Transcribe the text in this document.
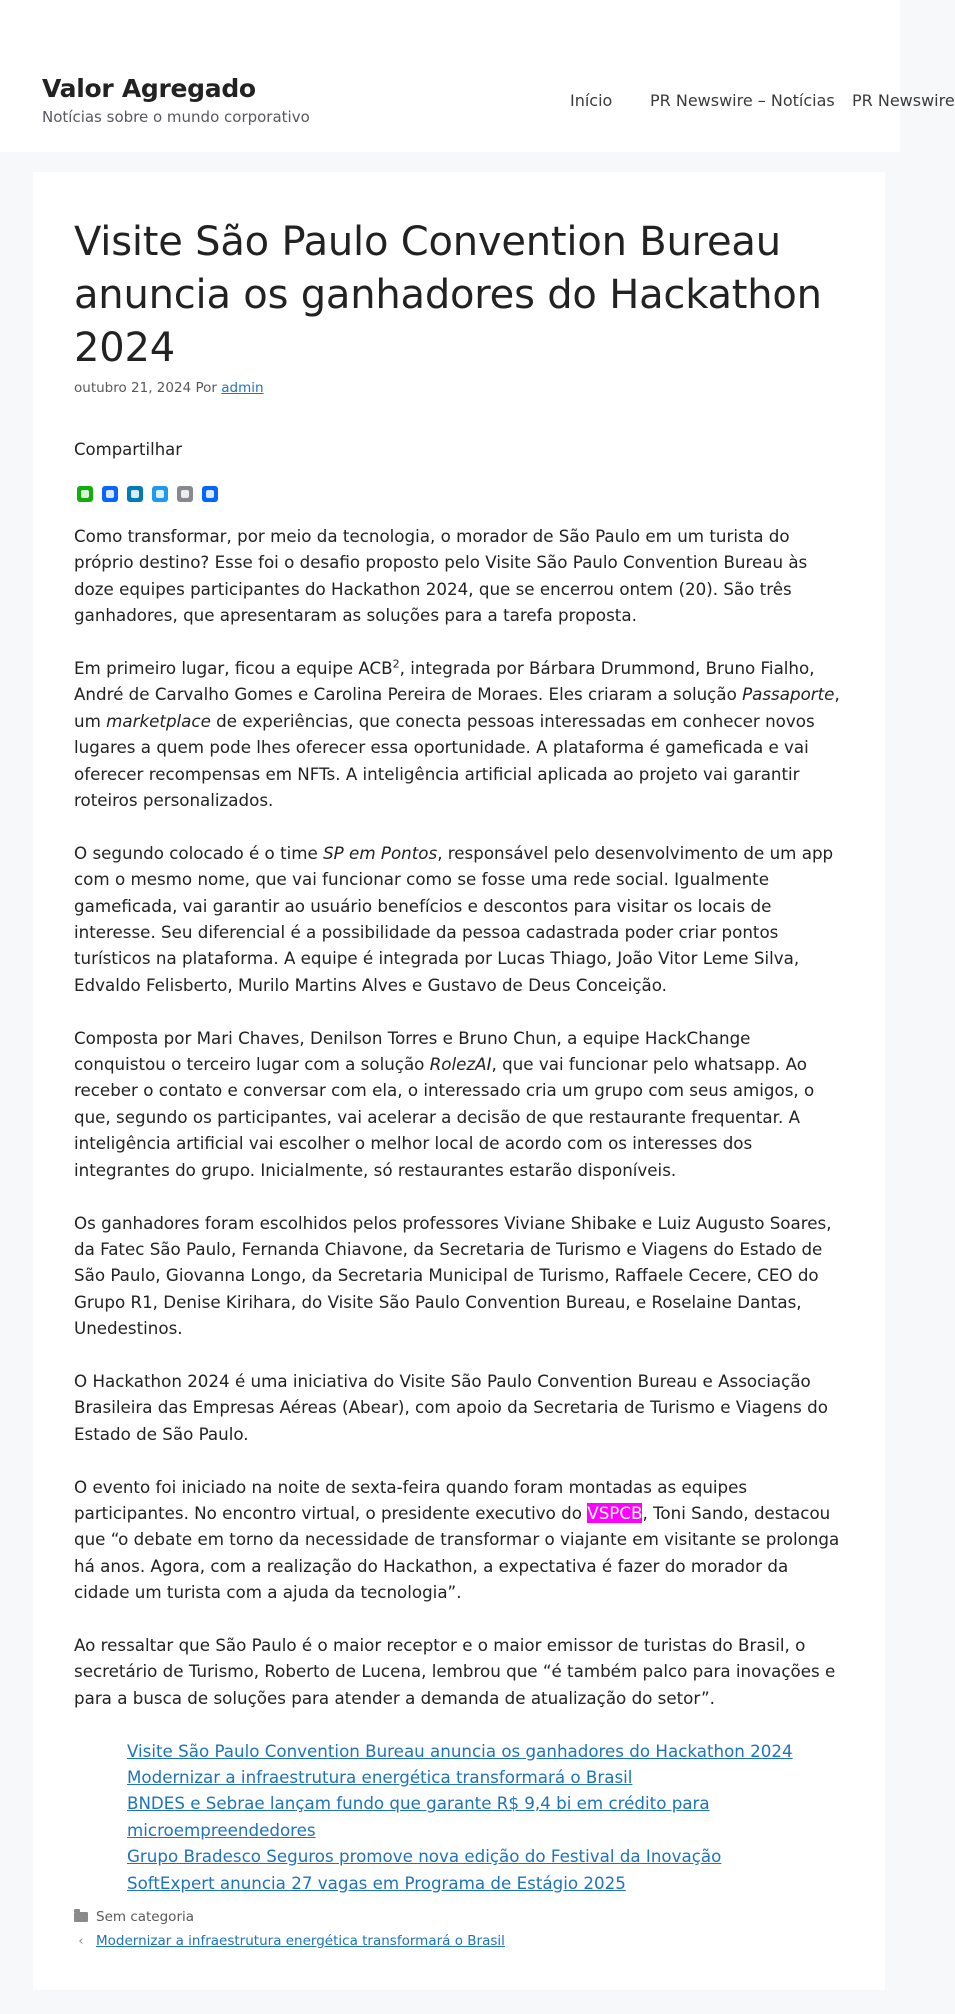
Valor Agregado
Notícias sobre o mundo corporativo
Início PR Newswire – Notícias PR Newswire
Visite São Paulo Convention Bureau anuncia os ganhadores do Hackathon 2024
outubro 21, 2024 Por admin
Compartilhar

Como transformar, por meio da tecnologia, o morador de São Paulo em um turista do próprio destino? Esse foi o desafio proposto pelo Visite São Paulo Convention Bureau às doze equipes participantes do Hackathon 2024, que se encerrou ontem (20). São três ganhadores, que apresentaram as soluções para a tarefa proposta.

Em primeiro lugar, ficou a equipe ACB$^2$, integrada por Bárbara Drummond, Bruno Fialho, André de Carvalho Gomes e Carolina Pereira de Moraes. Eles criaram a solução Passaporte, um marketplace de experiências, que conecta pessoas interessadas em conhecer novos lugares a quem pode lhes oferecer essa oportunidade. A plataforma é gameficada e vai oferecer recompensas em NFTs. A inteligência artificial aplicada ao projeto vai garantir roteiros personalizados.

O segundo colocado é o time SP em Pontos, responsável pelo desenvolvimento de um app com o mesmo nome, que vai funcionar como se fosse uma rede social. Igualmente gameficada, vai garantir ao usuário benefícios e descontos para visitar os locais de interesse. Seu diferencial é a possibilidade da pessoa cadastrada poder criar pontos turísticos na plataforma. A equipe é integrada por Lucas Thiago, João Vitor Leme Silva, Edvaldo Felisberto, Murilo Martins Alves e Gustavo de Deus Conceição.

Composta por Mari Chaves, Denilson Torres e Bruno Chun, a equipe HackChange conquistou o terceiro lugar com a solução RolezAI, que vai funcionar pelo whatsapp. Ao receber o contato e conversar com ela, o interessado cria um grupo com seus amigos, o que, segundo os participantes, vai acelerar a decisão de que restaurante frequentar. A inteligência artificial vai escolher o melhor local de acordo com os interesses dos integrantes do grupo. Inicialmente, só restaurantes estarão disponíveis.

Os ganhadores foram escolhidos pelos professores Viviane Shibake e Luiz Augusto Soares, da Fatec São Paulo, Fernanda Chiavone, da Secretaria de Turismo e Viagens do Estado de São Paulo, Giovanna Longo, da Secretaria Municipal de Turismo, Raffaele Cecere, CEO do Grupo R1, Denise Kirihara, do Visite São Paulo Convention Bureau, e Roselaine Dantas, Unedestinos.

O Hackathon 2024 é uma iniciativa do Visite São Paulo Convention Bureau e Associação Brasileira das Empresas Aéreas (Abear), com apoio da Secretaria de Turismo e Viagens do Estado de São Paulo.

O evento foi iniciado na noite de sexta-feira quando foram montadas as equipes participantes. No encontro virtual, o presidente executivo do VSPCB, Toni Sando, destacou que “o debate em torno da necessidade de transformar o viajante em visitante se prolonga há anos. Agora, com a realização do Hackathon, a expectativa é fazer do morador da cidade um turista com a ajuda da tecnologia”.

Ao ressaltar que São Paulo é o maior receptor e o maior emissor de turistas do Brasil, o secretário de Turismo, Roberto de Lucena, lembrou que “é também palco para inovações e para a busca de soluções para atender a demanda de atualização do setor”.

Visite São Paulo Convention Bureau anuncia os ganhadores do Hackathon 2024
Modernizar a infraestrutura energética transformará o Brasil
BNDES e Sebrae lançam fundo que garante R$ 9,4 bi em crédito para microempreendedores
Grupo Bradesco Seguros promove nova edição do Festival da Inovação
SoftExpert anuncia 27 vagas em Programa de Estágio 2025
Sem categoria
‹ Modernizar a infraestrutura energética transformará o Brasil
